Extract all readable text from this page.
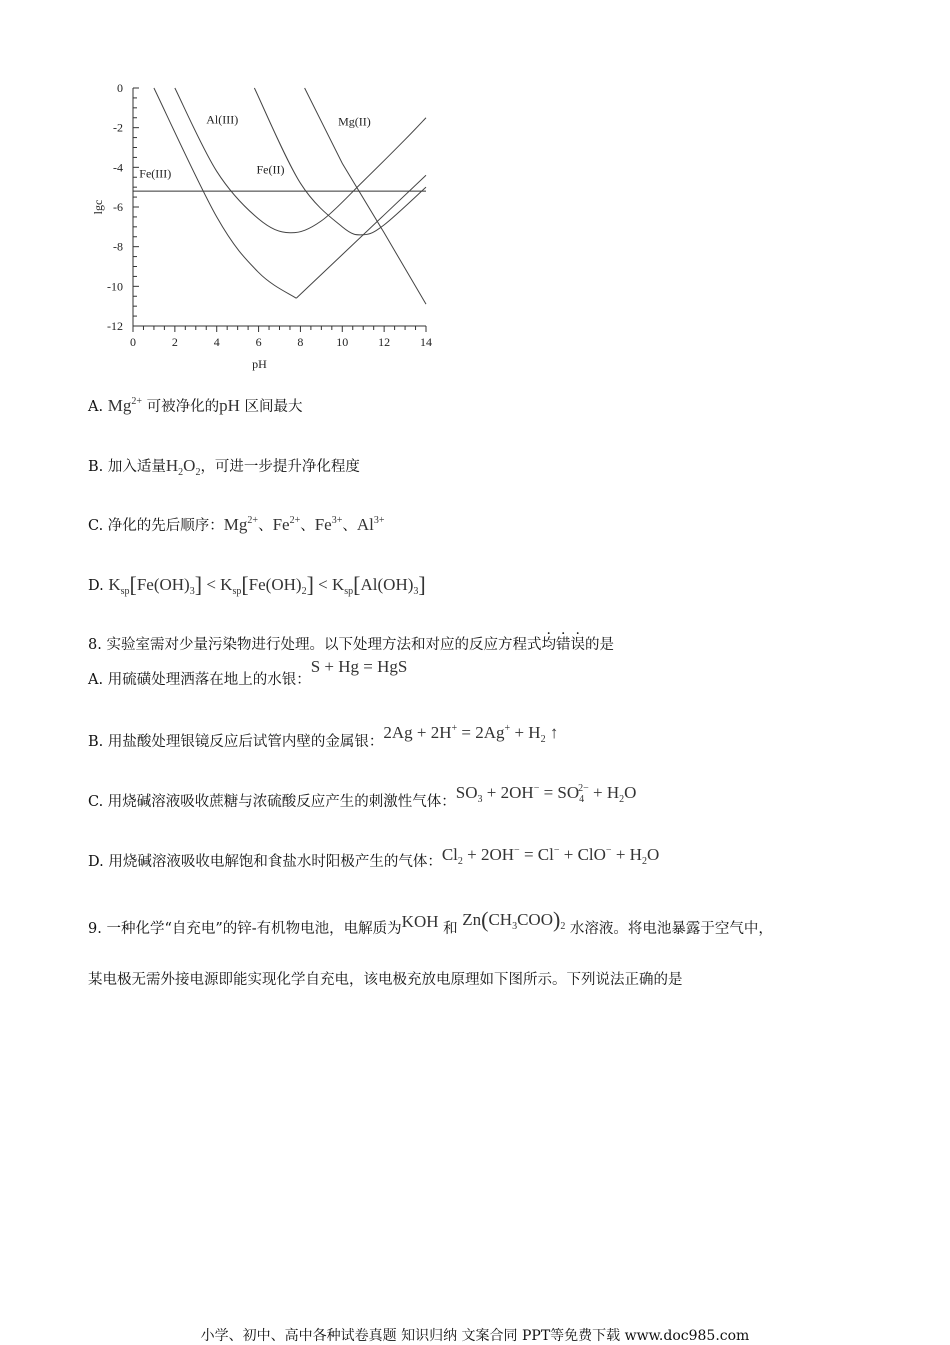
0	2	4	6	8	10 12 14
0
-2
-4
-6
-8
-10
-12
pH
lgc
Fe(III)
Al(III)
Fe(II)
Mg(II)
A. $Mg^{2+}$ 可被净化的pH 区间最大
B. 加入适量$H_2O_2$，可进一步提升净化程度
C. 净化的先后顺序：$Mg^{2+}$、$Fe^{2+}$、$Fe^{3+}$、$Al^{3+}$
D. $K_{sp}[Fe(OH)_3] < K_{sp}[Fe(OH)_2] < K_{sp}[Al(OH)_3]$
8. 实验室需对少量污染物进行处理。以下处理方法和对应的反应方程式均错误的是
A. 用硫磺处理洒落在地上的水银：S + Hg = HgS
B. 用盐酸处理银镜反应后试管内壁的金属银：$2Ag + 2H^+ = 2Ag^+ + H_2$ ↑
C. 用烧碱溶液吸收蔗糖与浓硫酸反应产生的刺激性气体：$SO_3 + 2OH^- = SO_4^{2-} + H_2O$
D. 用烧碱溶液吸收电解饱和食盐水时阳极产生的气体：$Cl_2 + 2OH^- = Cl^- + ClO^- + H_2O$
9. 一种化学“自充电”的锌-有机物电池，电解质为KOH 和 $Zn(CH_3COO)_2$ 水溶液。将电池暴露于空气中，
某电极无需外接电源即能实现化学自充电，该电极充放电原理如下图所示。下列说法正确的是
小学、初中、高中各种试卷真题 知识归纳 文案合同 PPT等免费下载 www.doc985.com
